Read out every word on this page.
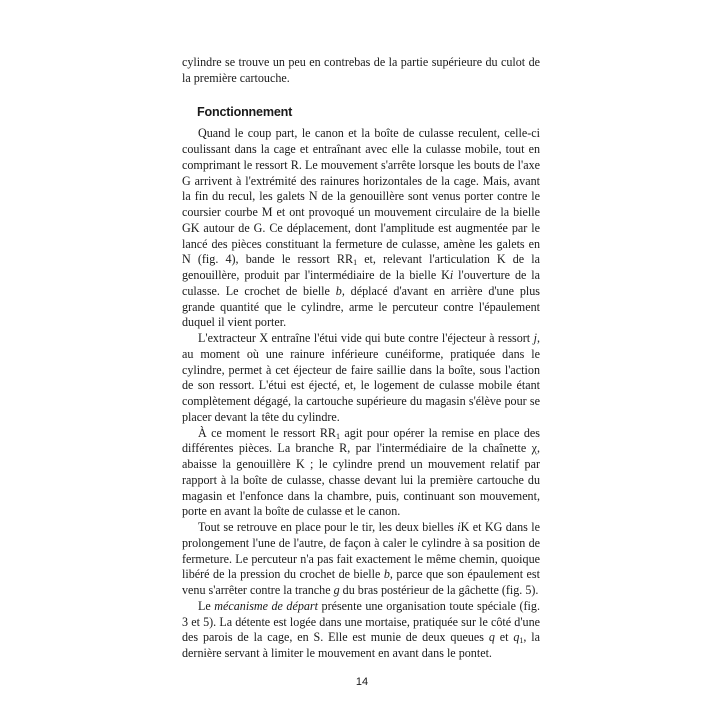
cylindre se trouve un peu en contrebas de la partie supérieure du culot de la première cartouche.

Fonctionnement

Quand le coup part, le canon et la boîte de culasse reculent, celle-ci coulissant dans la cage et entraînant avec elle la culasse mobile, tout en comprimant le ressort R. Le mouvement s'arrête lorsque les bouts de l'axe G arrivent à l'extrémité des rainures horizontales de la cage. Mais, avant la fin du recul, les galets N de la genouillère sont venus porter contre le coursier courbe M et ont provoqué un mouvement circulaire de la bielle GK autour de G. Ce déplacement, dont l'amplitude est augmentée par le lancé des pièces constituant la fermeture de culasse, amène les galets en N (fig. 4), bande le ressort $RR_1$ et, relevant l'articulation K de la genouillère, produit par l'intermédiaire de la bielle Ki l'ouverture de la culasse. Le crochet de bielle b, déplacé d'avant en arrière d'une plus grande quantité que le cylindre, arme le percuteur contre l'épaulement duquel il vient porter.

L'extracteur X entraîne l'étui vide qui bute contre l'éjecteur à ressort j, au moment où une rainure inférieure cunéiforme, pratiquée dans le cylindre, permet à cet éjecteur de faire saillie dans la boîte, sous l'action de son ressort. L'étui est éjecté, et, le logement de culasse mobile étant complètement dégagé, la cartouche supérieure du magasin s'élève pour se placer devant la tête du cylindre.

À ce moment le ressort $RR_1$ agit pour opérer la remise en place des différentes pièces. La branche R, par l'intermédiaire de la chaînette χ, abaisse la genouillère K ; le cylindre prend un mouvement relatif par rapport à la boîte de culasse, chasse devant lui la première cartouche du magasin et l'enfonce dans la chambre, puis, continuant son mouvement, porte en avant la boîte de culasse et le canon.

Tout se retrouve en place pour le tir, les deux bielles iK et KG dans le prolongement l'une de l'autre, de façon à caler le cylindre à sa position de fermeture. Le percuteur n'a pas fait exactement le même chemin, quoique libéré de la pression du crochet de bielle b, parce que son épaulement est venu s'arrêter contre la tranche g du bras postérieur de la gâchette (fig. 5).

Le mécanisme de départ présente une organisation toute spéciale (fig. 3 et 5). La détente est logée dans une mortaise, pratiquée sur le côté d'une des parois de la cage, en S. Elle est munie de deux queues q et $q_1$, la dernière servant à limiter le mouvement en avant dans le pontet.

14
